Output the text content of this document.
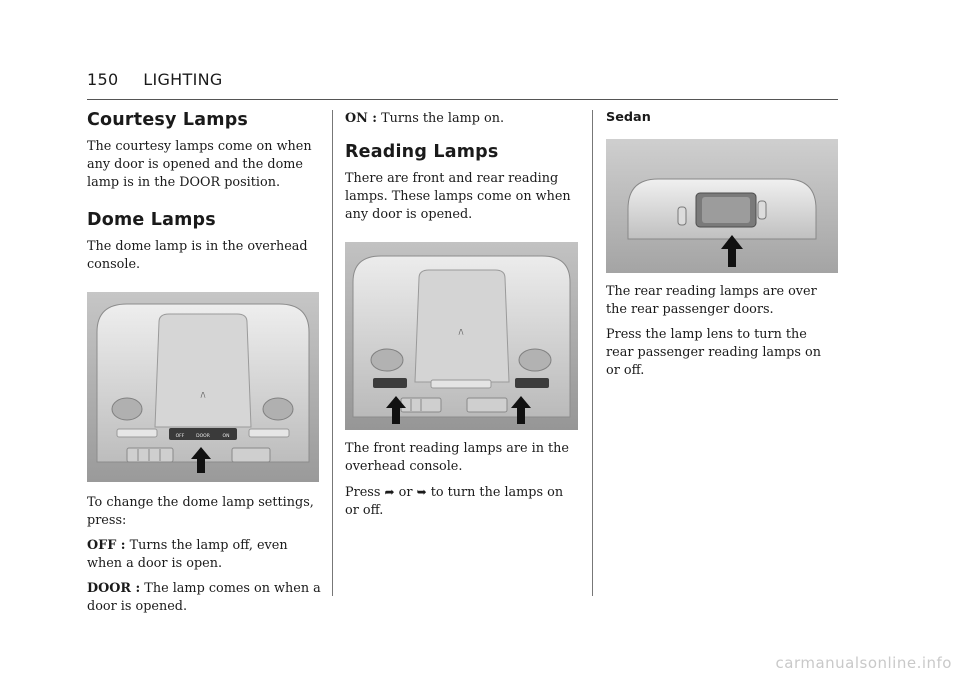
150 LIGHTING
Courtesy Lamps

The courtesy lamps come on when any door is opened and the dome lamp is in the DOOR position.

Dome Lamps

The dome lamp is in the overhead console.

/\
OFF	DOOR	ON

To change the dome lamp settings, press:

OFF : Turns the lamp off, even when a door is open.

DOOR : The lamp comes on when a door is opened.

ON : Turns the lamp on.

Reading Lamps

There are front and rear reading lamps. These lamps come on when any door is opened.

/\

The front reading lamps are in the overhead console.

Press ➦ or ➥ to turn the lamps on or off.

Sedan

The rear reading lamps are over the rear passenger doors.

Press the lamp lens to turn the rear passenger reading lamps on or off.

carmanualsonline.info
